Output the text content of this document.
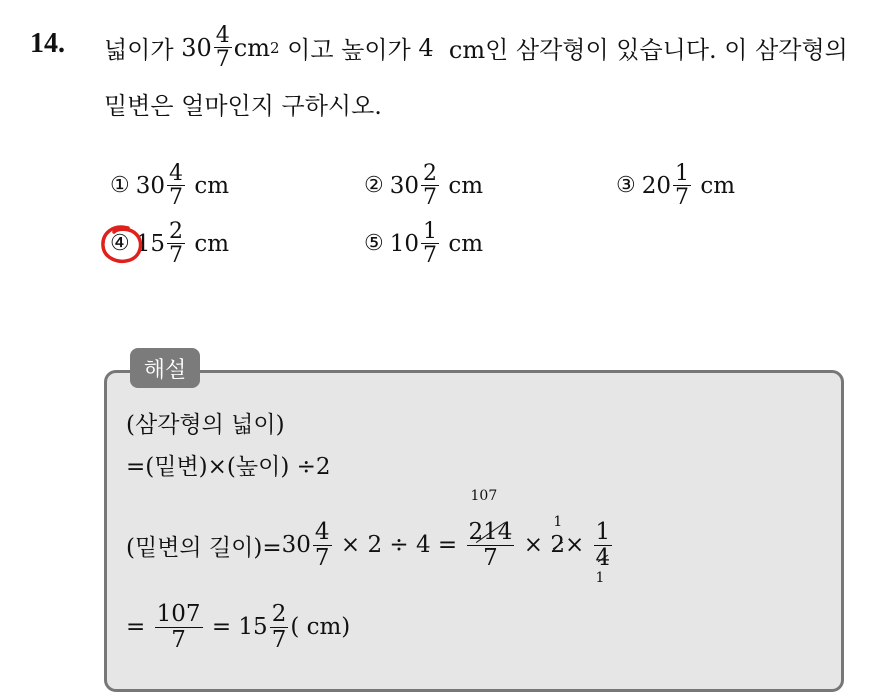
14. 넓이가
$30 \frac{4}{7}$ cm 2
이고 높이가
4
cm인 삼각형이 있습니다. 이 삼각형의
밑변은 얼마인지 구하시오.
① $30 \frac{4}{7}$
cm	② $30 \frac{2}{7}$
cm	③ $20 \frac{1}{7}$
cm
④ $15 \frac{2}{7}$
cm	⑤ $10 \frac{1}{7}$
cm
해설
(삼각형의 넓이)
=(밑변)×(높이) ÷2
(밑변의 길이)= $30 \frac{4}{7}$
× 2 ÷ 4 =

107
$\frac{214}{7}$
×

1
2 ×
$\frac{1}{4}$
1
=
$\frac{107}{7}$
=
$15 \frac{2}{7}$ ( cm)
